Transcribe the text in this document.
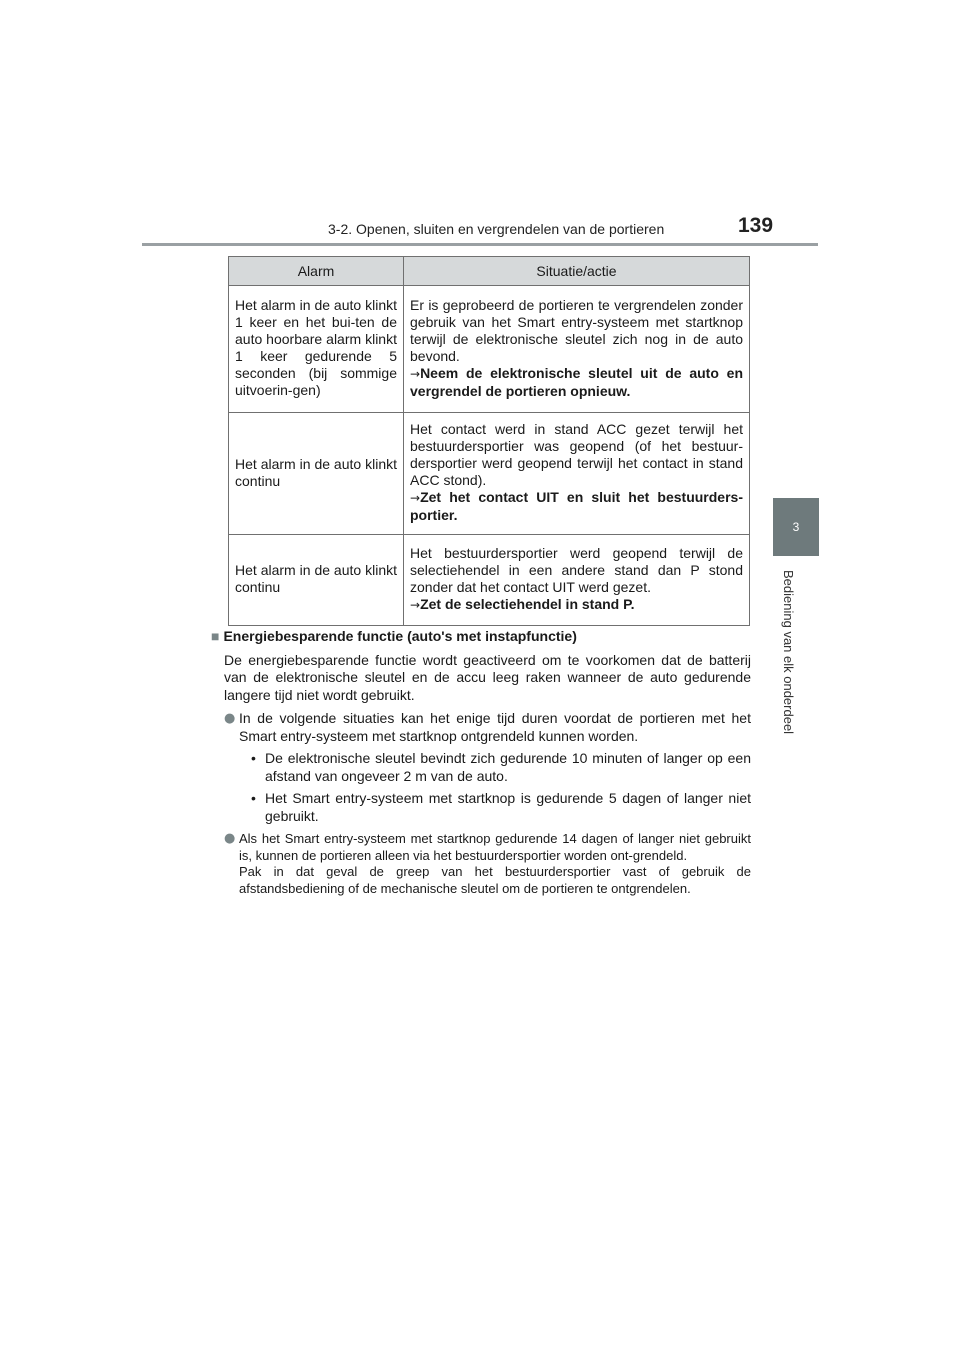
3-2. Openen, sluiten en vergrendelen van de portieren	139
3
Bediening van elk onderdeel
Alarm	Situatie/actie
Het alarm in de auto klinkt 1 keer en het bui-ten de auto hoorbare alarm klinkt 1 keer gedurende 5 seconden (bij sommige uitvoerin-gen)	Er is geprobeerd de portieren te vergrendelen zonder gebruik van het Smart entry-systeem met startknop terwijl de elektronische sleutel zich nog in de auto bevond.
→Neem de elektronische sleutel uit de auto en vergrendel de portieren opnieuw.
Het alarm in de auto klinkt continu	Het contact werd in stand ACC gezet terwijl het bestuurdersportier was geopend (of het bestuur-dersportier werd geopend terwijl het contact in stand ACC stond).
→Zet het contact UIT en sluit het bestuurders-portier.
Het alarm in de auto klinkt continu	Het bestuurdersportier werd geopend terwijl de selectiehendel in een andere stand dan P stond zonder dat het contact UIT werd gezet.
→Zet de selectiehendel in stand P.
■ Energiebesparende functie (auto's met instapfunctie)
De energiebesparende functie wordt geactiveerd om te voorkomen dat de batterij van de elektronische sleutel en de accu leeg raken wanneer de auto gedurende langere tijd niet wordt gebruikt.
● In de volgende situaties kan het enige tijd duren voordat de portieren met het Smart entry-systeem met startknop ontgrendeld kunnen worden.
• De elektronische sleutel bevindt zich gedurende 10 minuten of langer op een afstand van ongeveer 2 m van de auto.
• Het Smart entry-systeem met startknop is gedurende 5 dagen of langer niet gebruikt.
● Als het Smart entry-systeem met startknop gedurende 14 dagen of langer niet gebruikt is, kunnen de portieren alleen via het bestuurdersportier worden ont-grendeld.
Pak in dat geval de greep van het bestuurdersportier vast of gebruik de afstandsbediening of de mechanische sleutel om de portieren te ontgrendelen.
